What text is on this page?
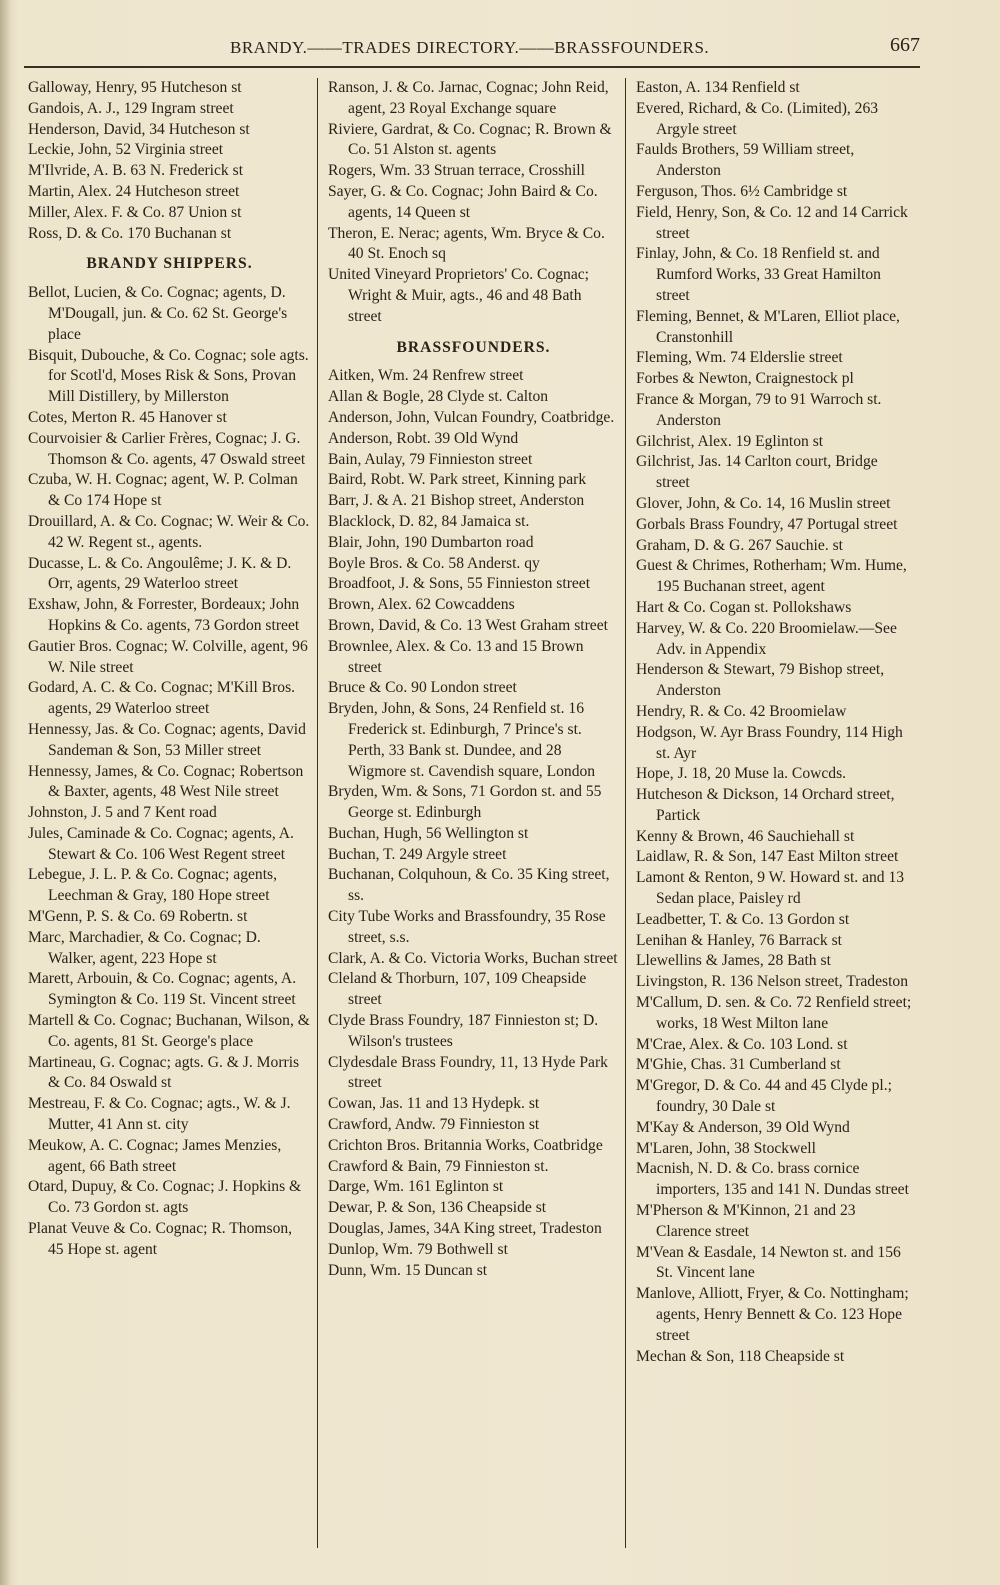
BRANDY.——TRADES DIRECTORY.——BRASSFOUNDERS.	667
Galloway, Henry, 95 Hutcheson st
Gandois, A. J., 129 Ingram street
Henderson, David, 34 Hutcheson st
Leckie, John, 52 Virginia street
M'Ilvride, A. B. 63 N. Frederick st
Martin, Alex. 24 Hutcheson street
Miller, Alex. F. & Co. 87 Union st
Ross, D. & Co. 170 Buchanan st
BRANDY SHIPPERS.
Bellot, Lucien, & Co. Cognac; agents, D. M'Dougall, jun. & Co. 62 St. George's place
Bisquit, Dubouche, & Co. Cognac; sole agts. for Scotl'd, Moses Risk & Sons, Provan Mill Distillery, by Millerston
Cotes, Merton R. 45 Hanover st
Courvoisier & Carlier Frères, Cognac; J. G. Thomson & Co. agents, 47 Oswald street
Czuba, W. H. Cognac; agent, W. P. Colman & Co 174 Hope st
Drouillard, A. & Co. Cognac; W. Weir & Co. 42 W. Regent st., agents.
Ducasse, L. & Co. Angoulême; J. K. & D. Orr, agents, 29 Waterloo street
Exshaw, John, & Forrester, Bordeaux; John Hopkins & Co. agents, 73 Gordon street
Gautier Bros. Cognac; W. Colville, agent, 96 W. Nile street
Godard, A. C. & Co. Cognac; M'Kill Bros. agents, 29 Waterloo street
Hennessy, Jas. & Co. Cognac; agents, David Sandeman & Son, 53 Miller street
Hennessy, James, & Co. Cognac; Robertson & Baxter, agents, 48 West Nile street
Johnston, J. 5 and 7 Kent road
Jules, Caminade & Co. Cognac; agents, A. Stewart & Co. 106 West Regent street
Lebegue, J. L. P. & Co. Cognac; agents, Leechman & Gray, 180 Hope street
M'Genn, P. S. & Co. 69 Robertn. st
Marc, Marchadier, & Co. Cognac; D. Walker, agent, 223 Hope st
Marett, Arbouin, & Co. Cognac; agents, A. Symington & Co. 119 St. Vincent street
Martell & Co. Cognac; Buchanan, Wilson, & Co. agents, 81 St. George's place
Martineau, G. Cognac; agts. G. & J. Morris & Co. 84 Oswald st
Mestreau, F. & Co. Cognac; agts., W. & J. Mutter, 41 Ann st. city
Meukow, A. C. Cognac; James Menzies, agent, 66 Bath street
Otard, Dupuy, & Co. Cognac; J. Hopkins & Co. 73 Gordon st. agts
Planat Veuve & Co. Cognac; R. Thomson, 45 Hope st. agent
Ranson, J. & Co. Jarnac, Cognac; John Reid, agent, 23 Royal Exchange square
Riviere, Gardrat, & Co. Cognac; R. Brown & Co. 51 Alston st. agents
Rogers, Wm. 33 Struan terrace, Crosshill
Sayer, G. & Co. Cognac; John Baird & Co. agents, 14 Queen st
Theron, E. Nerac; agents, Wm. Bryce & Co. 40 St. Enoch sq
United Vineyard Proprietors' Co. Cognac; Wright & Muir, agts., 46 and 48 Bath street
BRASSFOUNDERS.
Aitken, Wm. 24 Renfrew street
Allan & Bogle, 28 Clyde st. Calton
Anderson, John, Vulcan Foundry, Coatbridge.
Anderson, Robt. 39 Old Wynd
Bain, Aulay, 79 Finnieston street
Baird, Robt. W. Park street, Kinning park
Barr, J. & A. 21 Bishop street, Anderston
Blacklock, D. 82, 84 Jamaica st.
Blair, John, 190 Dumbarton road
Boyle Bros. & Co. 58 Anderst. qy
Broadfoot, J. & Sons, 55 Finnieston street
Brown, Alex. 62 Cowcaddens
Brown, David, & Co. 13 West Graham street
Brownlee, Alex. & Co. 13 and 15 Brown street
Bruce & Co. 90 London street
Bryden, John, & Sons, 24 Renfield st. 16 Frederick st. Edinburgh, 7 Prince's st. Perth, 33 Bank st. Dundee, and 28 Wigmore st. Cavendish square, London
Bryden, Wm. & Sons, 71 Gordon st. and 55 George st. Edinburgh
Buchan, Hugh, 56 Wellington st
Buchan, T. 249 Argyle street
Buchanan, Colquhoun, & Co. 35 King street, ss.
City Tube Works and Brassfoundry, 35 Rose street, s.s.
Clark, A. & Co. Victoria Works, Buchan street
Cleland & Thorburn, 107, 109 Cheapside street
Clyde Brass Foundry, 187 Finnieston st; D. Wilson's trustees
Clydesdale Brass Foundry, 11, 13 Hyde Park street
Cowan, Jas. 11 and 13 Hydepk. st
Crawford, Andw. 79 Finnieston st
Crichton Bros. Britannia Works, Coatbridge
Crawford & Bain, 79 Finnieston st.
Darge, Wm. 161 Eglinton st
Dewar, P. & Son, 136 Cheapside st
Douglas, James, 34A King street, Tradeston
Dunlop, Wm. 79 Bothwell st
Dunn, Wm. 15 Duncan st
Easton, A. 134 Renfield st
Evered, Richard, & Co. (Limited), 263 Argyle street
Faulds Brothers, 59 William street, Anderston
Ferguson, Thos. 6½ Cambridge st
Field, Henry, Son, & Co. 12 and 14 Carrick street
Finlay, John, & Co. 18 Renfield st. and Rumford Works, 33 Great Hamilton street
Fleming, Bennet, & M'Laren, Elliot place, Cranstonhill
Fleming, Wm. 74 Elderslie street
Forbes & Newton, Craignestock pl
France & Morgan, 79 to 91 Warroch st. Anderston
Gilchrist, Alex. 19 Eglinton st
Gilchrist, Jas. 14 Carlton court, Bridge street
Glover, John, & Co. 14, 16 Muslin street
Gorbals Brass Foundry, 47 Portugal street
Graham, D. & G. 267 Sauchie. st
Guest & Chrimes, Rotherham; Wm. Hume, 195 Buchanan street, agent
Hart & Co. Cogan st. Pollokshaws
Harvey, W. & Co. 220 Broomielaw.—See Adv. in Appendix
Henderson & Stewart, 79 Bishop street, Anderston
Hendry, R. & Co. 42 Broomielaw
Hodgson, W. Ayr Brass Foundry, 114 High st. Ayr
Hope, J. 18, 20 Muse la. Cowcds.
Hutcheson & Dickson, 14 Orchard street, Partick
Kenny & Brown, 46 Sauchiehall st
Laidlaw, R. & Son, 147 East Milton street
Lamont & Renton, 9 W. Howard st. and 13 Sedan place, Paisley rd
Leadbetter, T. & Co. 13 Gordon st
Lenihan & Hanley, 76 Barrack st
Llewellins & James, 28 Bath st
Livingston, R. 136 Nelson street, Tradeston
M'Callum, D. sen. & Co. 72 Renfield street; works, 18 West Milton lane
M'Crae, Alex. & Co. 103 Lond. st
M'Ghie, Chas. 31 Cumberland st
M'Gregor, D. & Co. 44 and 45 Clyde pl.; foundry, 30 Dale st
M'Kay & Anderson, 39 Old Wynd
M'Laren, John, 38 Stockwell
Macnish, N. D. & Co. brass cornice importers, 135 and 141 N. Dundas street
M'Pherson & M'Kinnon, 21 and 23 Clarence street
M'Vean & Easdale, 14 Newton st. and 156 St. Vincent lane
Manlove, Alliott, Fryer, & Co. Nottingham; agents, Henry Bennett & Co. 123 Hope street
Mechan & Son, 118 Cheapside st
